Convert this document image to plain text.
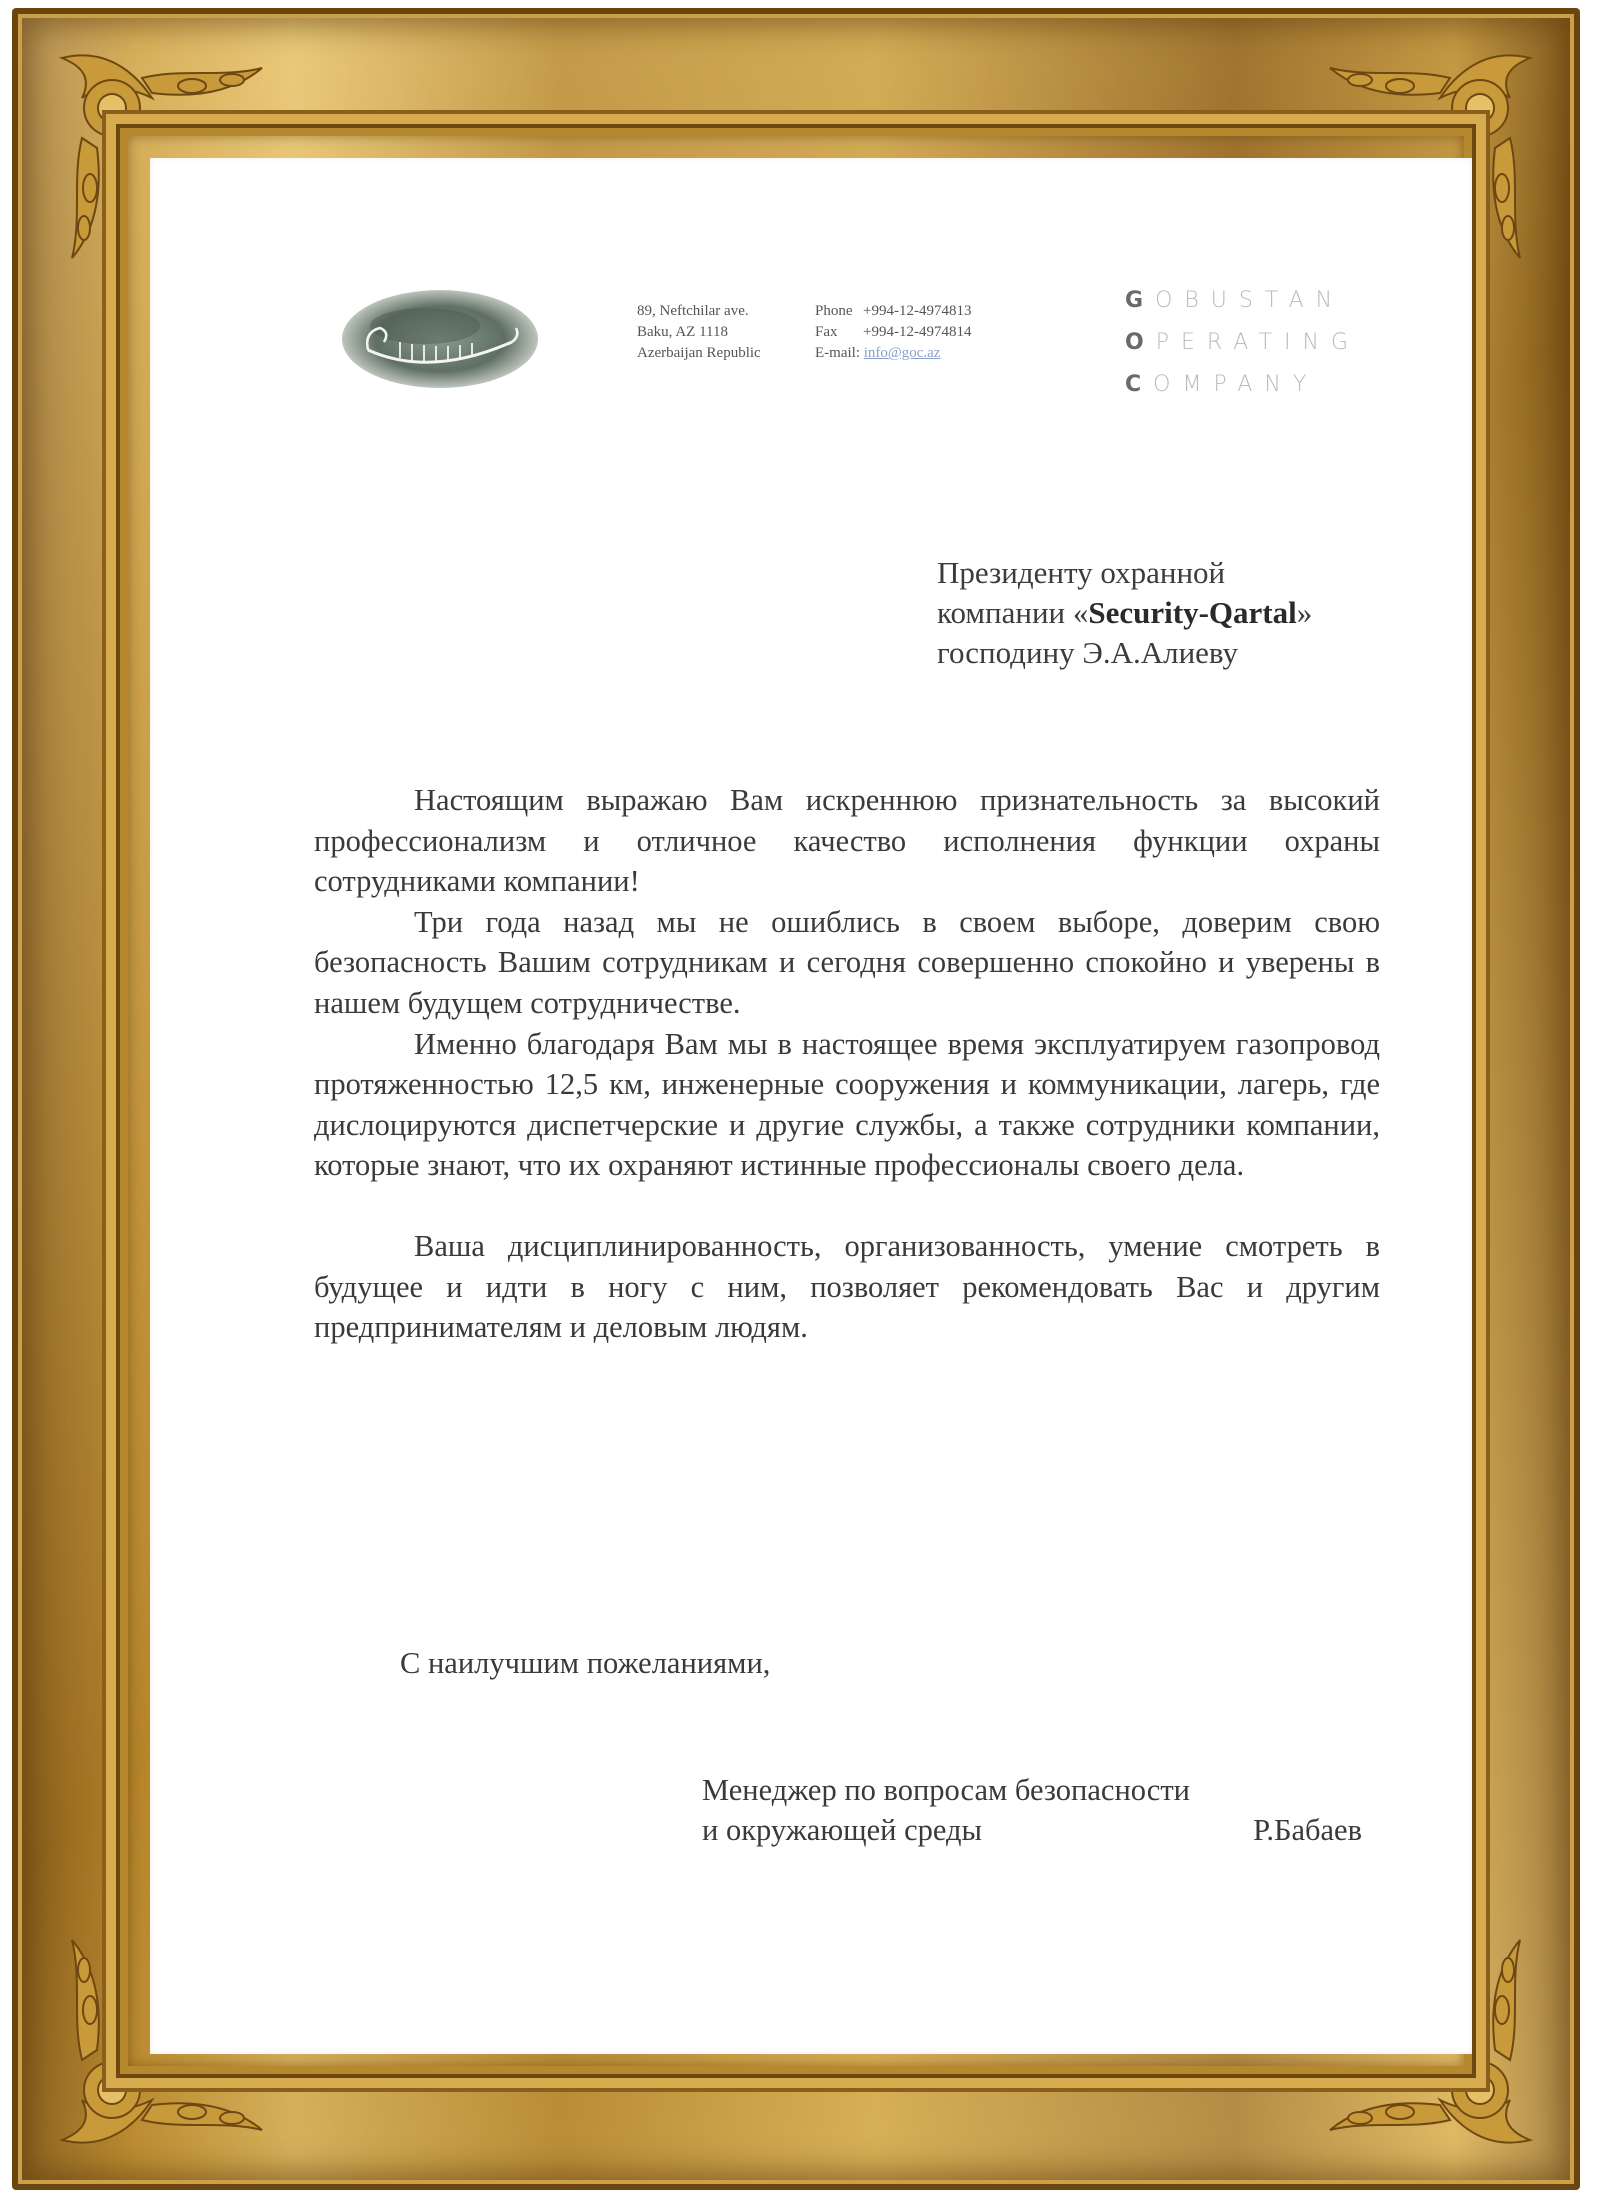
89, Neftchilar ave.
Baku, AZ 1118
Azerbaijan Republic
Phone +994-12-4974813
Fax +994-12-4974814
E-mail: info@goc.az
GOBUSTAN
OPERATING
COMPANY
Президенту охранной
компании «Security-Qartal»
господину Э.А.Алиеву

Настоящим выражаю Вам искреннюю признательность за высокий профессионализм и отличное качество исполнения функции охраны сотрудниками компании!

Три года назад мы не ошиблись в своем выборе, доверим свою безопасность Вашим сотрудникам и сегодня совершенно спокойно и уверены в нашем будущем сотрудничестве.

Именно благодаря Вам мы в настоящее время эксплуатируем газопровод протяженностью 12,5 км, инженерные сооружения и коммуникации, лагерь, где дислоцируются диспетчерские и другие службы, а также сотрудники компании, которые знают, что их охраняют истинные профессионалы своего дела.

Ваша дисциплинированность, организованность, умение смотреть в будущее и идти в ногу с ним, позволяет рекомендовать Вас и другим предпринимателям и деловым людям.

С наилучшим пожеланиями,
Менеджер по вопросам безопасности
и окружающей среды	Р.Бабаев
